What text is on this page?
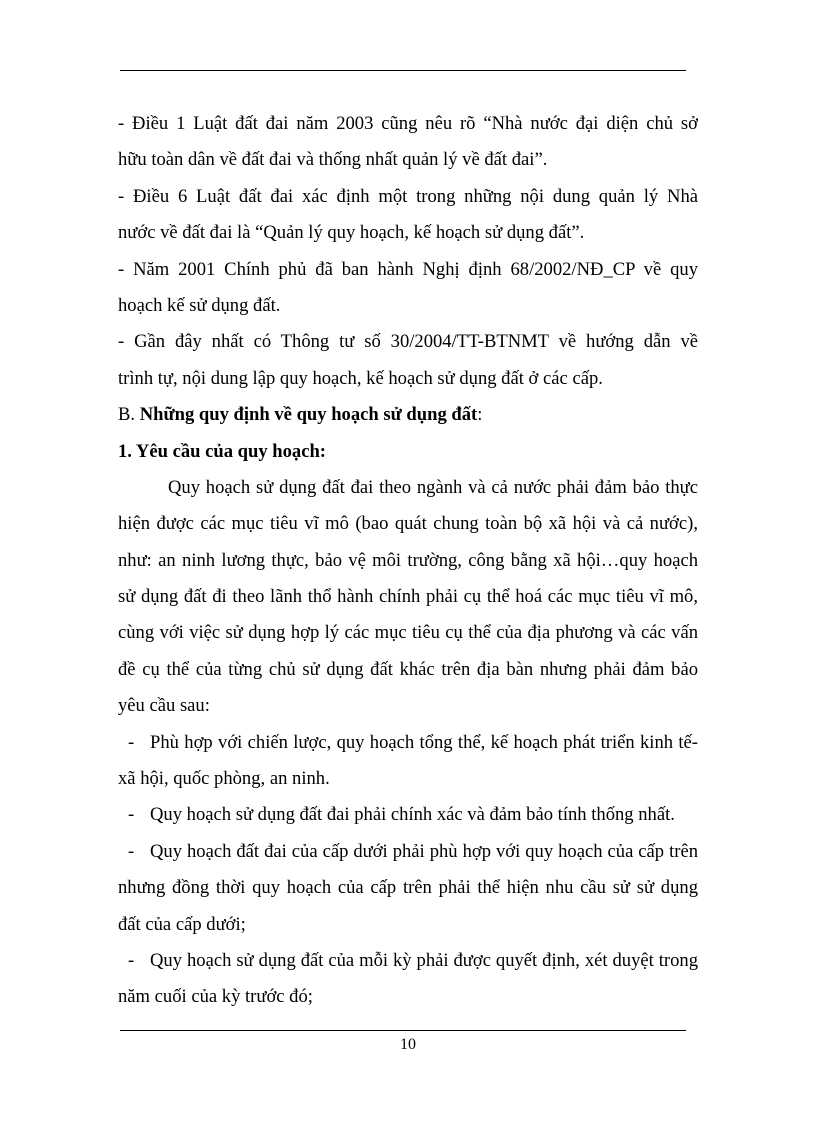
- Điều 1 Luật đất đai năm 2003 cũng nêu rõ “Nhà nước đại diện chủ sở
hữu toàn dân về đất đai và thống nhất quản lý về đất đai”.
- Điều 6 Luật đất đai xác định một trong những nội dung quản lý Nhà
nước về đất đai là “Quản lý quy hoạch, kế hoạch sử dụng đất”.
- Năm 2001 Chính phủ đã ban hành Nghị định 68/2002/NĐ_CP về quy
hoạch kế sử dụng đất.
- Gần đây nhất có Thông tư số 30/2004/TT-BTNMT về hướng dẫn về
trình tự, nội dung lập quy hoạch, kế hoạch sử dụng đất ở các cấp.
B. Những quy định về quy hoạch sử dụng đất:
1. Yêu cầu của quy hoạch:
Quy hoạch sử dụng đất đai theo ngành và cả nước phải đảm bảo thực
hiện được các mục tiêu vĩ mô (bao quát chung toàn bộ xã hội và cả nước),
như: an ninh lương thực, bảo vệ môi trường, công bằng xã hội…quy hoạch
sử dụng đất đi theo lãnh thổ hành chính phải cụ thể hoá các mục tiêu vĩ mô,
cùng với việc sử dụng hợp lý các mục tiêu cụ thể của địa phương và các vấn
đề cụ thể của từng chủ sử dụng đất khác trên địa bàn nhưng phải đảm bảo
yêu cầu sau:
- Phù hợp với chiến lược, quy hoạch tổng thể, kế hoạch phát triển kinh tế-
xã hội, quốc phòng, an ninh.
- Quy hoạch sử dụng đất đai phải chính xác và đảm bảo tính thống nhất.
- Quy hoạch đất đai của cấp dưới phải phù hợp với quy hoạch của cấp trên
nhưng đồng thời quy hoạch của cấp trên phải thể hiện nhu cầu sử sử dụng
đất của cấp dưới;
- Quy hoạch sử dụng đất của mỗi kỳ phải được quyết định, xét duyệt trong
năm cuối của kỳ trước đó;
10
